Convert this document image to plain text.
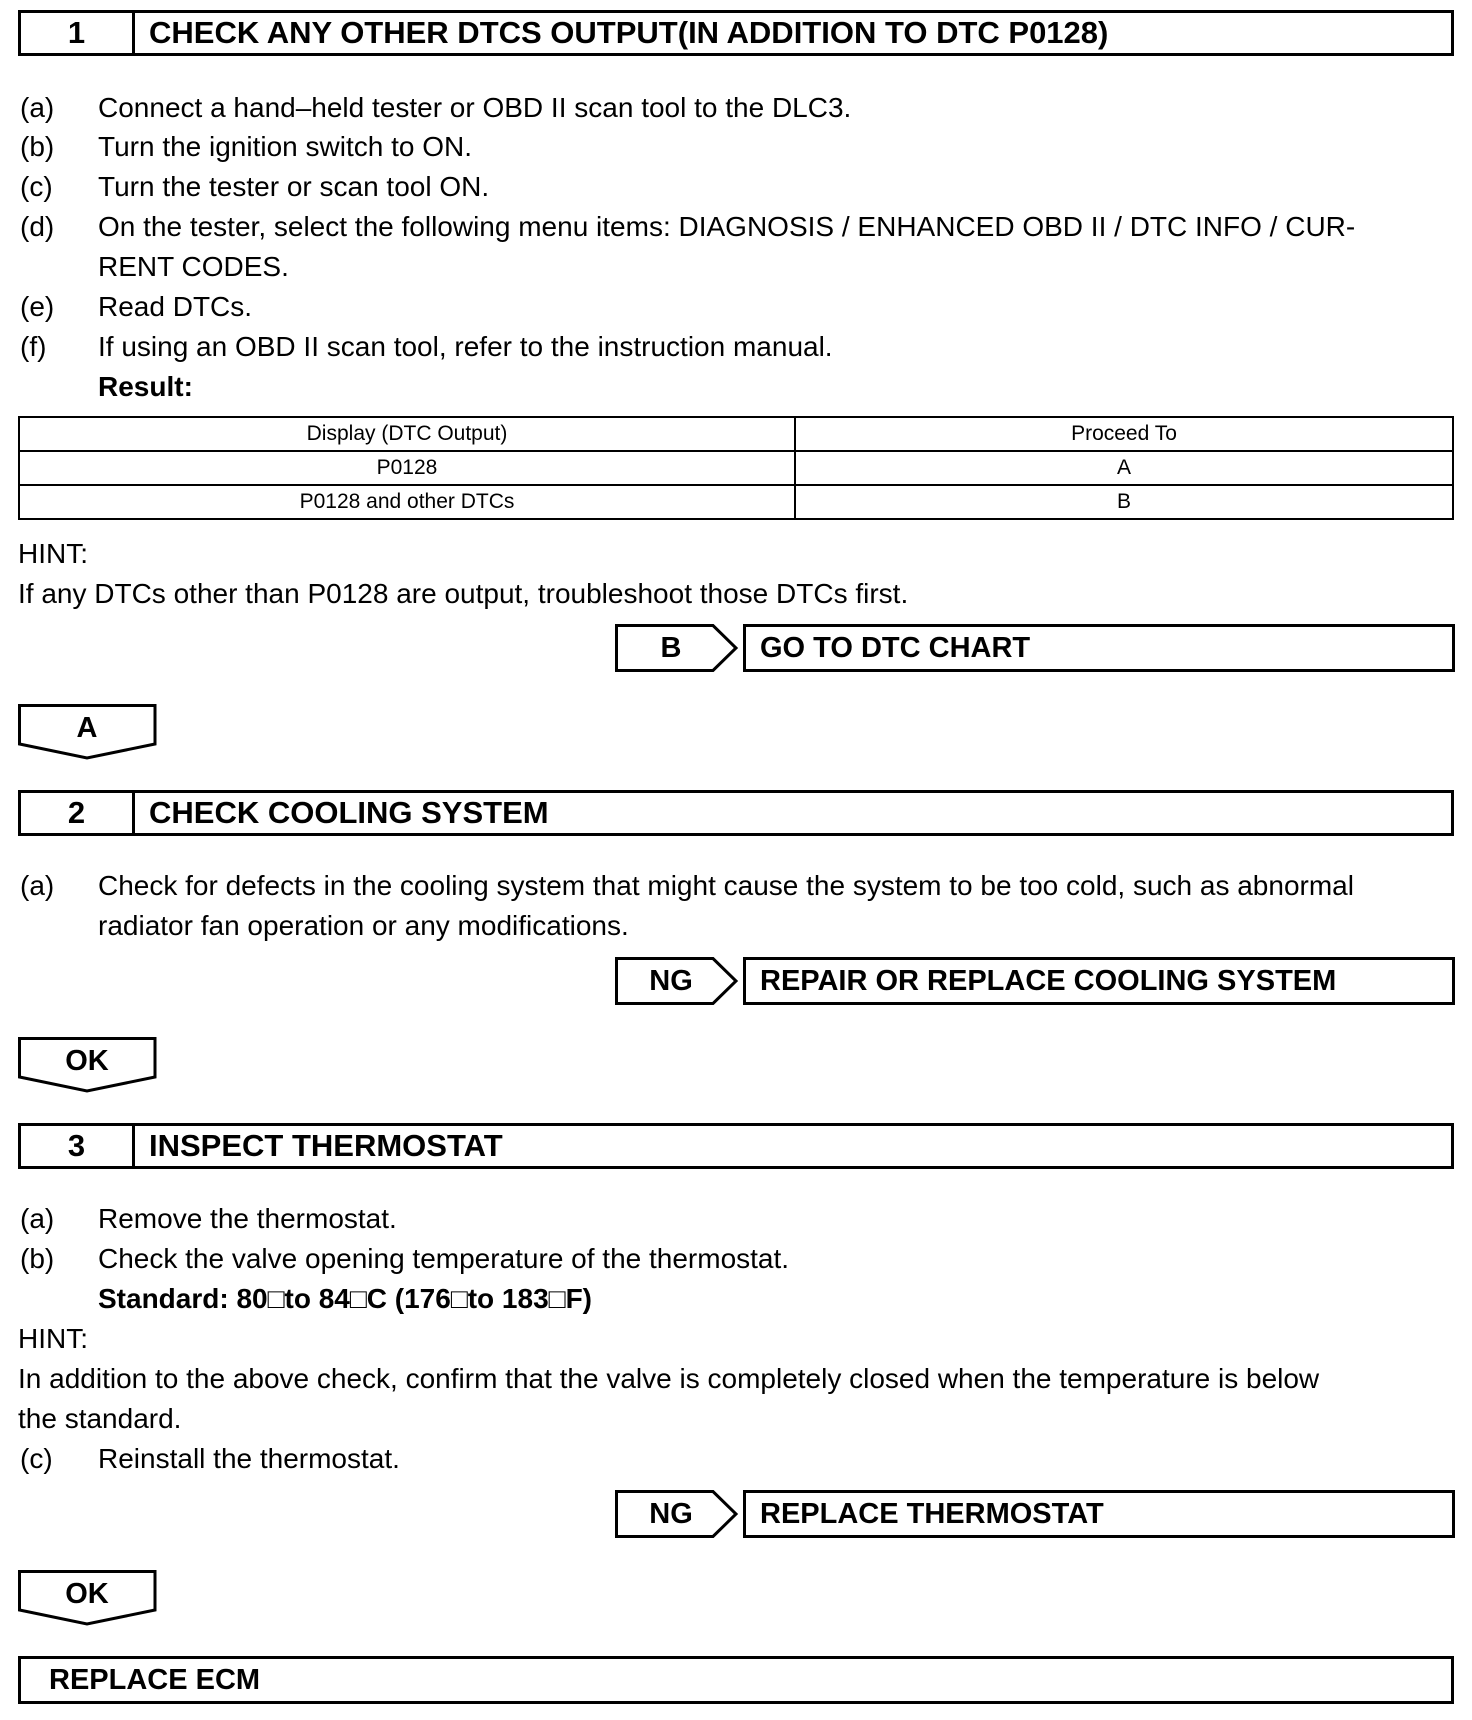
1	CHECK ANY OTHER DTCS OUTPUT(IN ADDITION TO DTC P0128)
(a)	Connect a hand–held tester or OBD II scan tool to the DLC3.
(b)	Turn the ignition switch to ON.
(c)	Turn the tester or scan tool ON.
(d)	On the tester, select the following menu items: DIAGNOSIS / ENHANCED OBD II / DTC INFO / CUR-
RENT CODES.
(e)	Read DTCs.
(f)	If using an OBD II scan tool, refer to the instruction manual.
Result:
Display (DTC Output)	Proceed To
P0128	A
P0128 and other DTCs	B
HINT:
If any DTCs other than P0128 are output, troubleshoot those DTCs first.
B	GO TO DTC CHART
A
2	CHECK COOLING SYSTEM
(a)	Check for defects in the cooling system that might cause the system to be too cold, such as abnormal
radiator fan operation or any modifications.
NG	REPAIR OR REPLACE COOLING SYSTEM
OK
3	INSPECT THERMOSTAT
(a)	Remove the thermostat.
(b)	Check the valve opening temperature of the thermostat.
Standard: 80□to 84□C (176□to 183□F)
HINT:
In addition to the above check, confirm that the valve is completely closed when the temperature is below
the standard.
(c)	Reinstall the thermostat.
NG	REPLACE THERMOSTAT
OK
REPLACE ECM
